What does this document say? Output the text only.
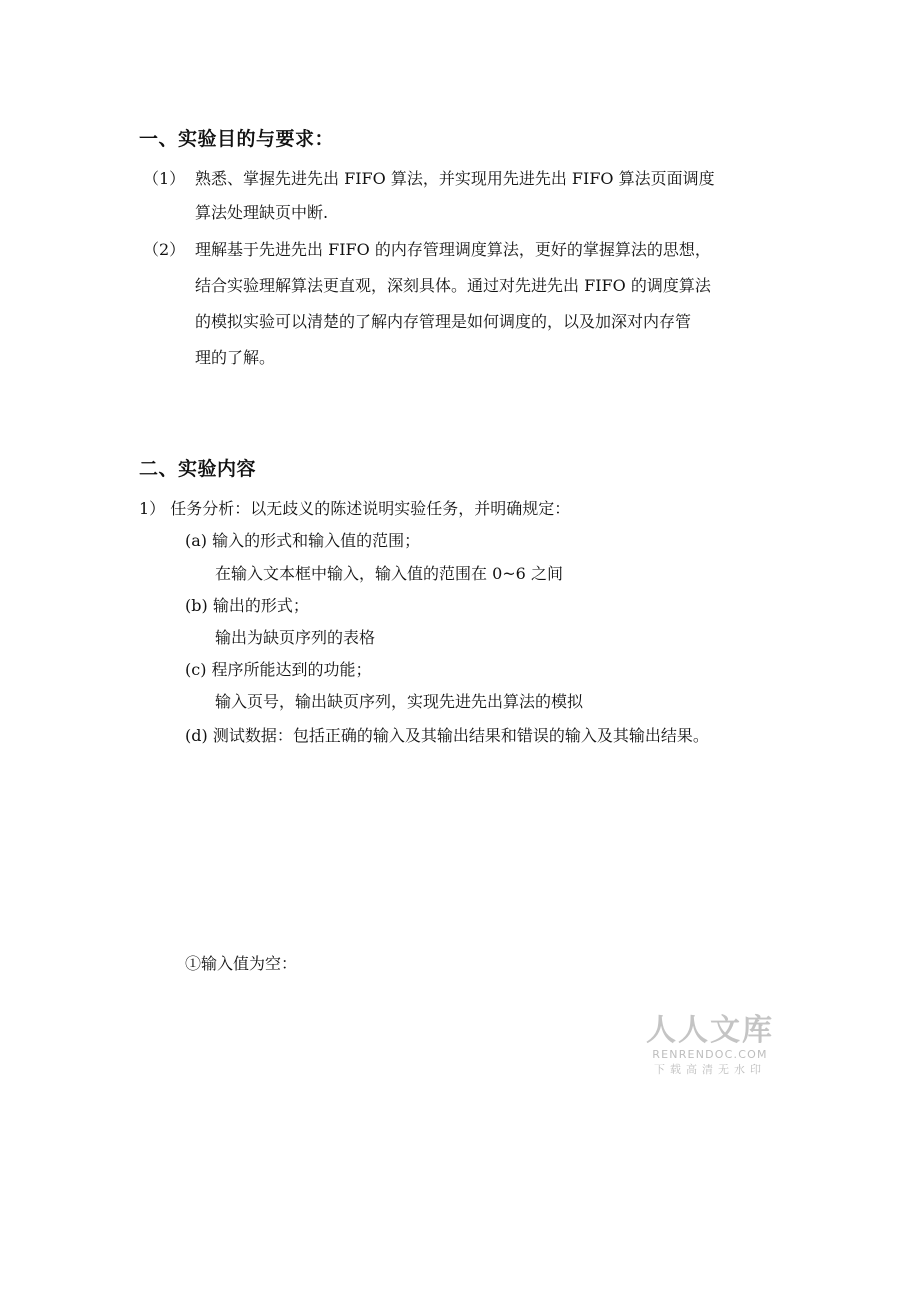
一、实验目的与要求：
（1） 熟悉、掌握先进先出 FIFO 算法，并实现用先进先出 FIFO 算法页面调度
算法处理缺页中断.
（2） 理解基于先进先出 FIFO 的内存管理调度算法，更好的掌握算法的思想，
结合实验理解算法更直观，深刻具体。通过对先进先出 FIFO 的调度算法
的模拟实验可以清楚的了解内存管理是如何调度的，以及加深对内存管
理的了解。
二、实验内容
1） 任务分析：以无歧义的陈述说明实验任务，并明确规定：
(a) 输入的形式和输入值的范围；
在输入文本框中输入，输入值的范围在 0~6 之间
(b) 输出的形式；
输出为缺页序列的表格
(c) 程序所能达到的功能；
输入页号，输出缺页序列，实现先进先出算法的模拟
(d) 测试数据：包括正确的输入及其输出结果和错误的输入及其输出结果。
①输入值为空：
人人文库
RENRENDOC.COM
下载高清无水印
